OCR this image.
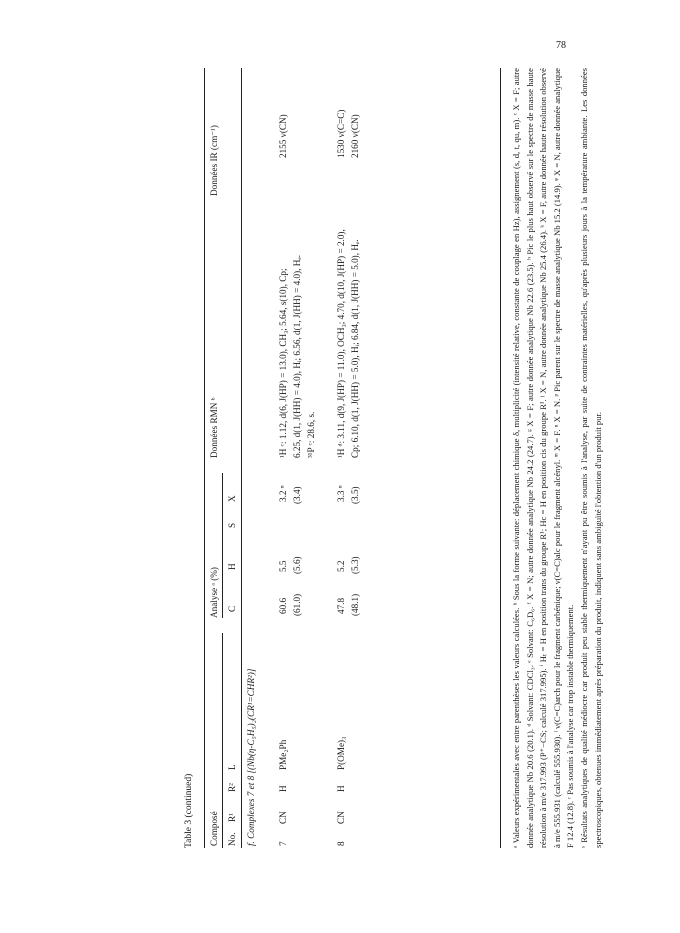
78
Table 3 (continued) Composé
Analyse ᵃ (%)
Données RMN ᵇ
Données IR (cm⁻¹)
No.
R¹
R²
L
C
H
S
X
f. Complexes 7 et 8 [(Nb(η-C₅H₅)₂(CR¹=CHR²)] 7
CN
H
PMe₂Ph
60.6 (61.0)
5.5 (5.6)
3.2 ⁿ (3.4)
¹H ᶜ: 1.12, d(6, J(HP) = 13.0), CH₃; 5.64, s(10), Cp; 6.25, d(1, J(HH) = 4.0), Hᵢ; 6.56, d(1, J(HH) = 4.0), Hₑ. ³¹P ᶜ: 28.6, s.
2155 ν(CN)
8
CN
H
P(OMe)₃
47.8 (48.1)
5.2 (5.3)
3.3 ⁿ (3.5)
¹H ᵈ: 3.11, d(9, J(HP) = 11.0), OCH₃; 4.70, d(10, J(HP) = 2.0), Cp; 6.10, d(1, J(HH) = 5.0), Hᵢ; 6.84, d(1, J(HH) = 5.0), Hₑ.
1530 ν(C=C) 2160 ν(CN)	ᵃ Valeurs expérimentales avec entre parenthèses les valeurs calculées. ᵇ Sous la forme suivante: déplacement chimique δ, multiplicité (intensité relative, constante de couplage en Hz), assignement (s, d, t, qu, m). ᶜ X = F; autre donnée analytique Nb 20.6 (20.1). ᵈ Solvant: CDCl₃. ᵉ Solvant: C₆D₆. ᶠ X = N; autre donnée analytique Nb 24.2 (24.7). ᵍ X = F; autre donnée analytique Nb 22.6 (23.5). ʰ Pic le plus haut observé sur le spectre de masse haute résolution à m/e 317.993 (P⁺−CS; calculé 317.995). ⁱ Hₜ = H en position trans du groupe R¹; Hc = H en position cis du groupe R¹. ʲ X = N, autre donnée analytique Nb 25.4 (26.4). ᵏ X = F, autre donnée haute résolution observé à m/e 555.931 (calculé 555.930). ˡ ν(C=C)arch pour le fragment carbénique; ν(C=C)alc pour le fragment alcényl. ᵐ X = F. ⁿ X = N. ᵖ Pic parent sur le spectre de masse analytique Nb 15.2 (14.9). ᵠ X = N, autre donnée analytique F 12.4 (12.8). ʳ Pas soumis à l'analyse car trop instable thermiquement. ˢ Résultats analytiques de qualité médiocre car produit peu stable thermiquement n'ayant pu être soumis à l'analyse, par suite de contraintes matérielles, qu'après plusieurs jours à la température ambiante. Les données spectroscopiques, obtenues immédiatement après préparation du produit, indiquent sans ambiguïté l'obtention d'un produit pur.
